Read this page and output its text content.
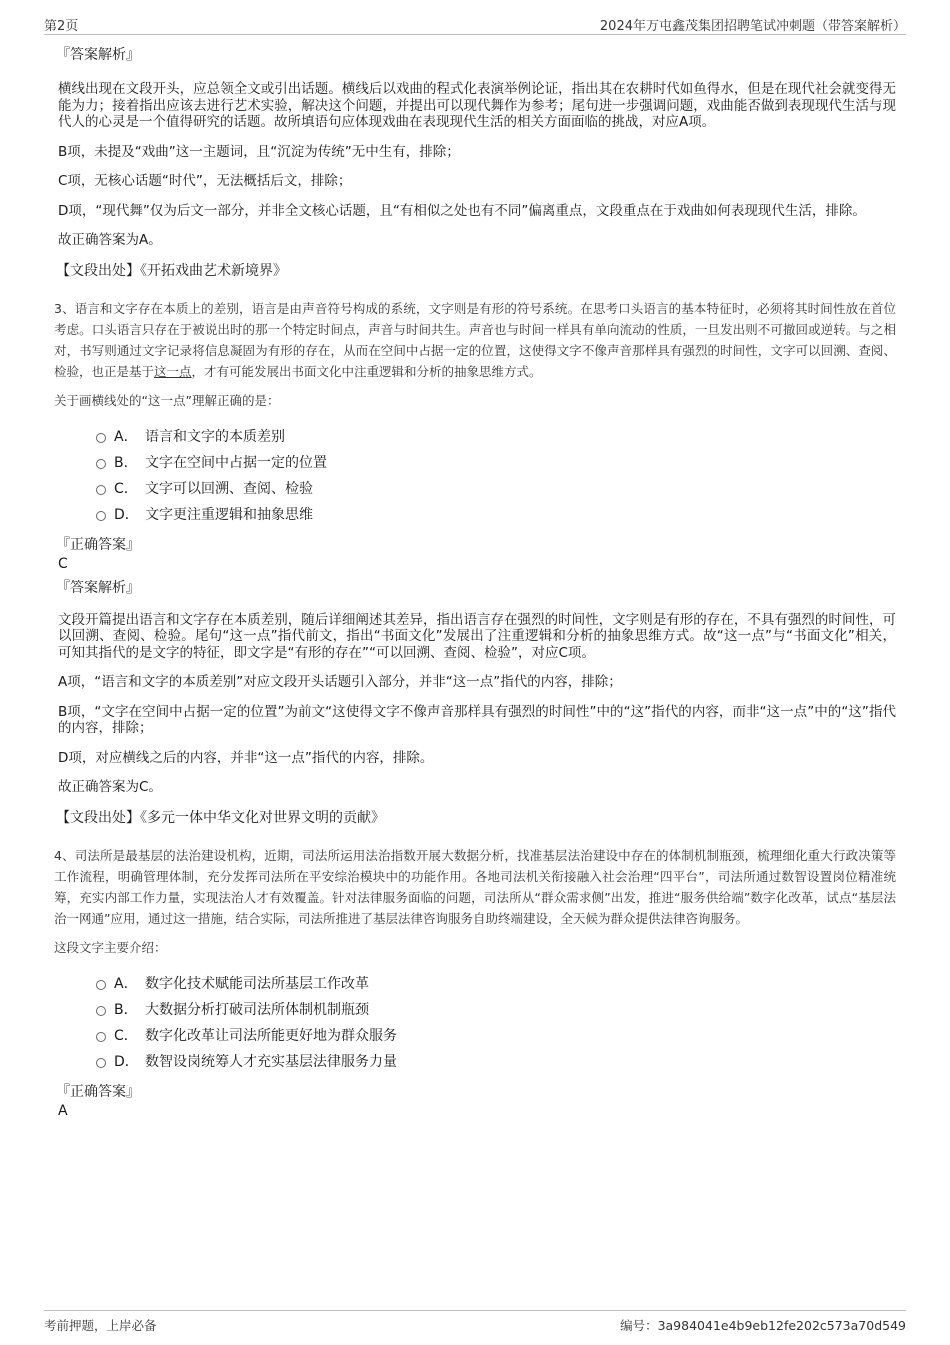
第2页	2024年万屯鑫茂集团招聘笔试冲刺题（带答案解析）

『答案解析』

横线出现在文段开头，应总领全文或引出话题。横线后以戏曲的程式化表演举例论证，指出其在农耕时代如鱼得水，但是在现代社会就变得无能为力；接着指出应该去进行艺术实验，解决这个问题，并提出可以现代舞作为参考；尾句进一步强调问题，戏曲能否做到表现现代生活与现代人的心灵是一个值得研究的话题。故所填语句应体现戏曲在表现现代生活的相关方面面临的挑战，对应A项。

B项，未提及“戏曲”这一主题词，且“沉淀为传统”无中生有，排除；

C项，无核心话题“时代”，无法概括后文，排除；

D项，“现代舞”仅为后文一部分，并非全文核心话题，且“有相似之处也有不同”偏离重点，文段重点在于戏曲如何表现现代生活，排除。

故正确答案为A。

【文段出处】《开拓戏曲艺术新境界》

3、语言和文字存在本质上的差别，语言是由声音符号构成的系统，文字则是有形的符号系统。在思考口头语言的基本特征时，必须将其时间性放在首位考虑。口头语言只存在于被说出时的那一个特定时间点，声音与时间共生。声音也与时间一样具有单向流动的性质，一旦发出则不可撤回或逆转。与之相对，书写则通过文字记录将信息凝固为有形的存在，从而在空间中占据一定的位置，这使得文字不像声音那样具有强烈的时间性，文字可以回溯、查阅、检验，也正是基于这一点，才有可能发展出书面文化中注重逻辑和分析的抽象思维方式。

关于画横线处的“这一点”理解正确的是：

A． 语言和文字的本质差别
B． 文字在空间中占据一定的位置
C． 文字可以回溯、查阅、检验
D． 文字更注重逻辑和抽象思维

『正确答案』

C

『答案解析』

文段开篇提出语言和文字存在本质差别，随后详细阐述其差异，指出语言存在强烈的时间性，文字则是有形的存在，不具有强烈的时间性，可以回溯、查阅、检验。尾句“这一点”指代前文，指出“书面文化”发展出了注重逻辑和分析的抽象思维方式。故“这一点”与“书面文化”相关，可知其指代的是文字的特征，即文字是“有形的存在”“可以回溯、查阅、检验”，对应C项。

A项，“语言和文字的本质差别”对应文段开头话题引入部分，并非“这一点”指代的内容，排除；

B项，“文字在空间中占据一定的位置”为前文“这使得文字不像声音那样具有强烈的时间性”中的“这”指代的内容，而非“这一点”中的“这”指代的内容，排除；

D项，对应横线之后的内容，并非“这一点”指代的内容，排除。

故正确答案为C。

【文段出处】《多元一体中华文化对世界文明的贡献》

4、司法所是最基层的法治建设机构，近期，司法所运用法治指数开展大数据分析，找准基层法治建设中存在的体制机制瓶颈，梳理细化重大行政决策等工作流程，明确管理体制，充分发挥司法所在平安综治模块中的功能作用。各地司法机关衔接融入社会治理“四平台”，司法所通过数智设置岗位精准统筹，充实内部工作力量，实现法治人才有效覆盖。针对法律服务面临的问题，司法所从“群众需求侧”出发，推进“服务供给端”数字化改革，试点“基层法治一网通”应用，通过这一措施，结合实际，司法所推进了基层法律咨询服务自助终端建设，全天候为群众提供法律咨询服务。

这段文字主要介绍：

A． 数字化技术赋能司法所基层工作改革
B． 大数据分析打破司法所体制机制瓶颈
C． 数字化改革让司法所能更好地为群众服务
D． 数智设岗统筹人才充实基层法律服务力量

『正确答案』

A

考前押题，上岸必备	编号：3a984041e4b9eb12fe202c573a70d549
